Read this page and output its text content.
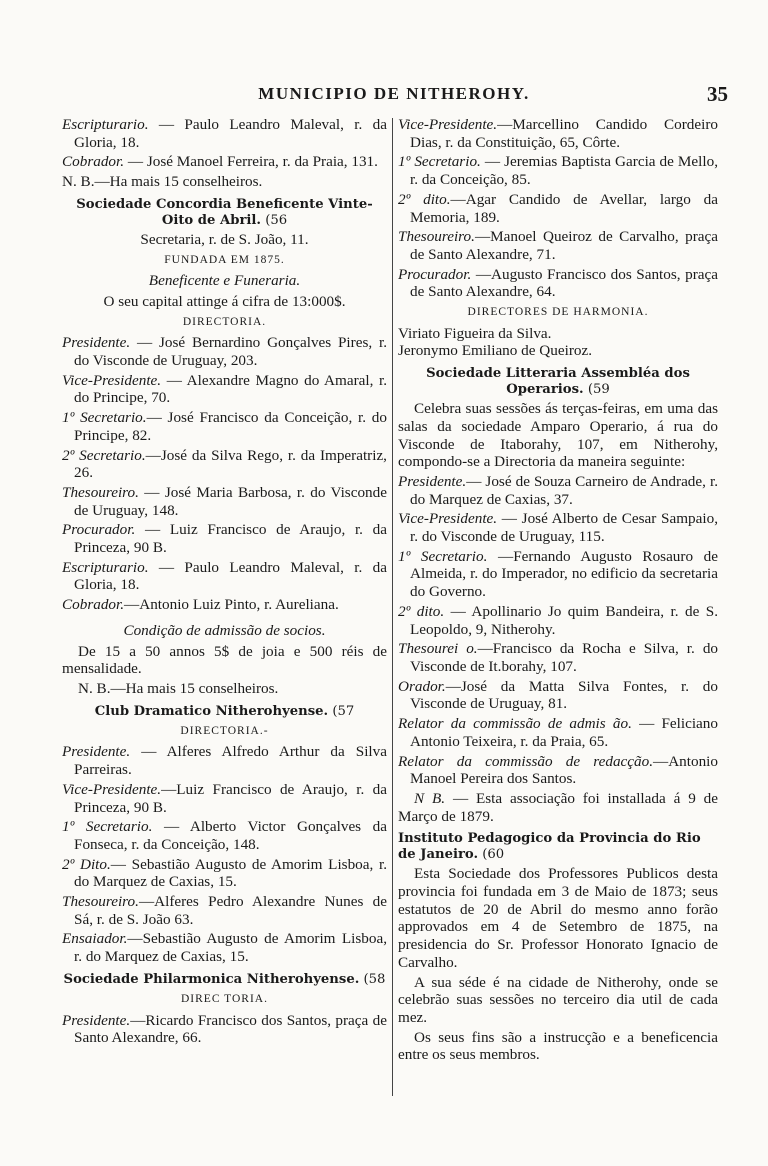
MUNICIPIO DE NITHEROHY.	35

Escripturario. — Paulo Leandro Maleval, r. da Gloria, 18.

Cobrador. — José Manoel Ferreira, r. da Praia, 131.

N. B.—Ha mais 15 conselheiros.

Sociedade Concordia Beneficente Vinte-Oito de Abril. (56

Secretaria, r. de S. João, 11.

FUNDADA EM 1875.

Beneficente e Funeraria.

O seu capital attinge á cifra de 13:000$.

DIRECTORIA.

Presidente. — José Bernardino Gonçalves Pires, r. do Visconde de Uruguay, 203.

Vice-Presidente. — Alexandre Magno do Amaral, r. do Principe, 70.

1º Secretario.— José Francisco da Conceição, r. do Principe, 82.

2º Secretario.—José da Silva Rego, r. da Imperatriz, 26.

Thesoureiro. — José Maria Barbosa, r. do Visconde de Uruguay, 148.

Procurador. — Luiz Francisco de Araujo, r. da Princeza, 90 B.

Escripturario. — Paulo Leandro Maleval, r. da Gloria, 18.

Cobrador.—Antonio Luiz Pinto, r. Aureliana.

Condição de admissão de socios.

De 15 a 50 annos 5$ de joia e 500 réis de mensalidade.

N. B.—Ha mais 15 conselheiros.

Club Dramatico Nitherohyense. (57

DIRECTORIA.-

Presidente. — Alferes Alfredo Arthur da Silva Parreiras.

Vice-Presidente.—Luiz Francisco de Araujo, r. da Princeza, 90 B.

1º Secretario. — Alberto Victor Gonçalves da Fonseca, r. da Conceição, 148.

2º Dito.— Sebastião Augusto de Amorim Lisboa, r. do Marquez de Caxias, 15.

Thesoureiro.—Alferes Pedro Alexandre Nunes de Sá, r. de S. João 63.

Ensaiador.—Sebastião Augusto de Amorim Lisboa, r. do Marquez de Caxias, 15.

Sociedade Philarmonica Nitherohyense. (58

DIREC TORIA.

Presidente.—Ricardo Francisco dos Santos, praça de Santo Alexandre, 66.

Vice-Presidente.—Marcellino Candido Cordeiro Dias, r. da Constituição, 65, Côrte.

1º Secretario. — Jeremias Baptista Garcia de Mello, r. da Conceição, 85.

2º dito.—Agar Candido de Avellar, largo da Memoria, 189.

Thesoureiro.—Manoel Queiroz de Carvalho, praça de Santo Alexandre, 71.

Procurador. —Augusto Francisco dos Santos, praça de Santo Alexandre, 64.

DIRECTORES DE HARMONIA.

Viriato Figueira da Silva.

Jeronymo Emiliano de Queiroz.

Sociedade Litteraria Assembléa dos Operarios. (59

Celebra suas sessões ás terças-feiras, em uma das salas da sociedade Amparo Operario, á rua do Visconde de Itaborahy, 107, em Nitherohy, compondo-se a Directoria da maneira seguinte:

Presidente.— José de Souza Carneiro de Andrade, r. do Marquez de Caxias, 37.

Vice-Presidente. — José Alberto de Cesar Sampaio, r. do Visconde de Uruguay, 115.

1º Secretario. —Fernando Augusto Rosauro de Almeida, r. do Imperador, no edificio da secretaria do Governo.

2º dito. — Apollinario Jo quim Bandeira, r. de S. Leopoldo, 9, Nitherohy.

Thesourei o.—Francisco da Rocha e Silva, r. do Visconde de It.borahy, 107.

Orador.—José da Matta Silva Fontes, r. do Visconde de Uruguay, 81.

Relator da commissão de admis ão. — Feliciano Antonio Teixeira, r. da Praia, 65.

Relator da commissão de redacção.—Antonio Manoel Pereira dos Santos.

N B. — Esta associação foi installada á 9 de Março de 1879.

Instituto Pedagogico da Provincia do Rio de Janeiro. (60

Esta Sociedade dos Professores Publicos desta provincia foi fundada em 3 de Maio de 1873; seus estatutos de 20 de Abril do mesmo anno forão approvados em 4 de Setembro de 1875, na presidencia do Sr. Professor Honorato Ignacio de Carvalho.

A sua séde é na cidade de Nitherohy, onde se celebrão suas sessões no terceiro dia util de cada mez.

Os seus fins são a instrucção e a beneficencia entre os seus membros.
